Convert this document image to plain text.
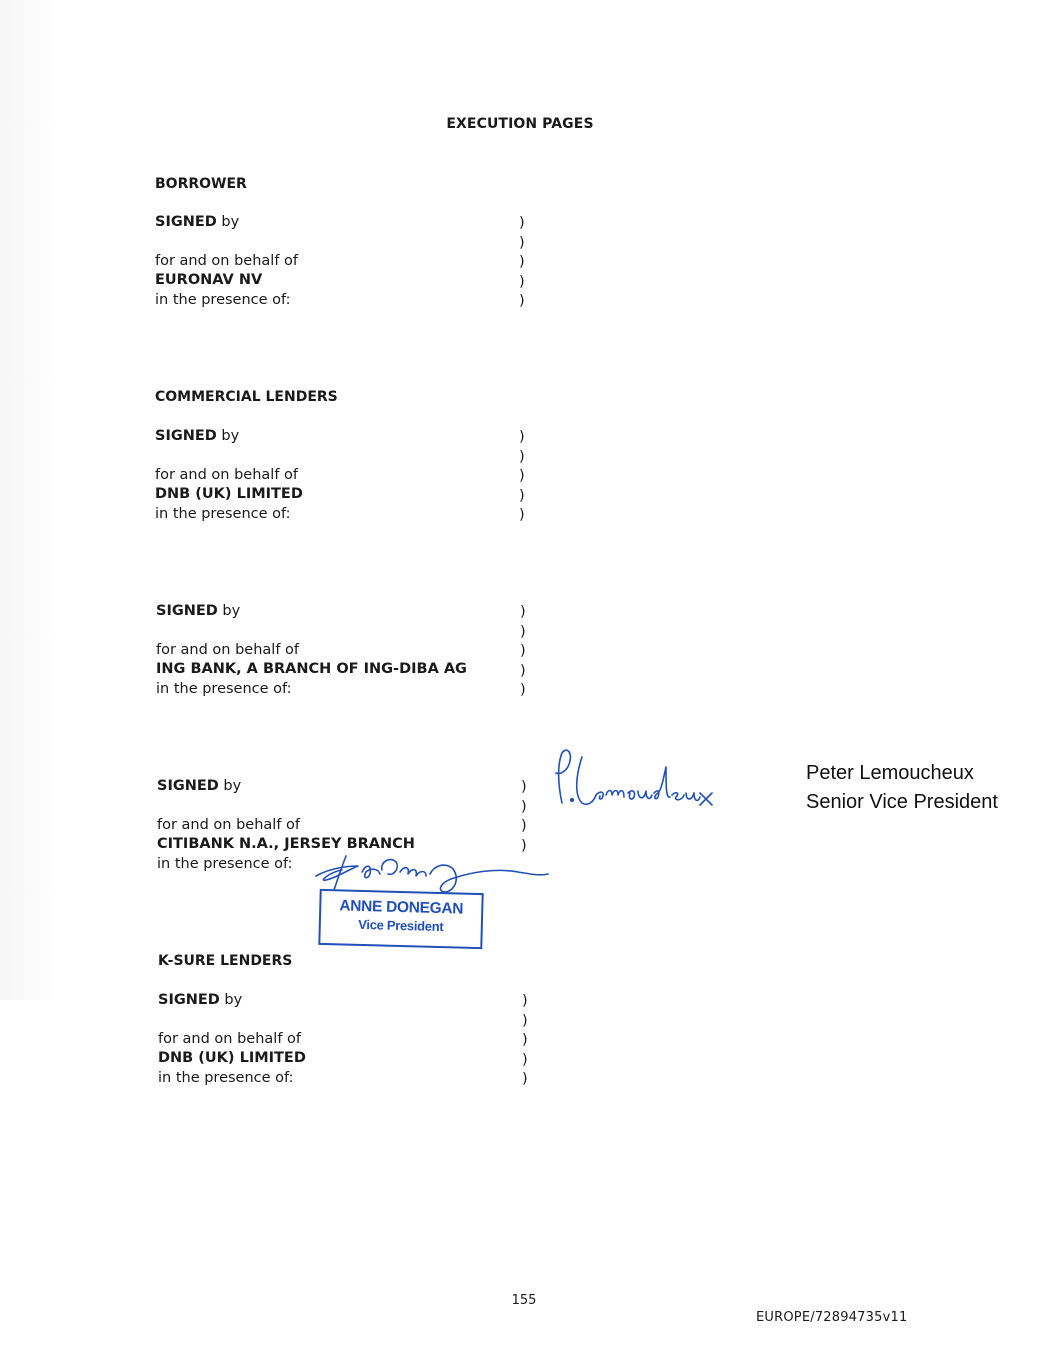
EXECUTION PAGES
BORROWER
SIGNED by
for and on behalf of
EURONAV NV
in the presence of:
)
)
)
)
)
COMMERCIAL LENDERS
SIGNED by
for and on behalf of
DNB (UK) LIMITED
in the presence of:
)
)
)
)
)
SIGNED by
for and on behalf of
ING BANK, A BRANCH OF ING-DIBA AG
in the presence of:
)
)
)
)
)
SIGNED by
for and on behalf of
CITIBANK N.A., JERSEY BRANCH
in the presence of:
)
)
)
)
Peter Lemoucheux
Senior Vice President
ANNE DONEGAN
Vice President
K-SURE LENDERS
SIGNED by
for and on behalf of
DNB (UK) LIMITED
in the presence of:
)
)
)
)
)
155
EUROPE/72894735v11
